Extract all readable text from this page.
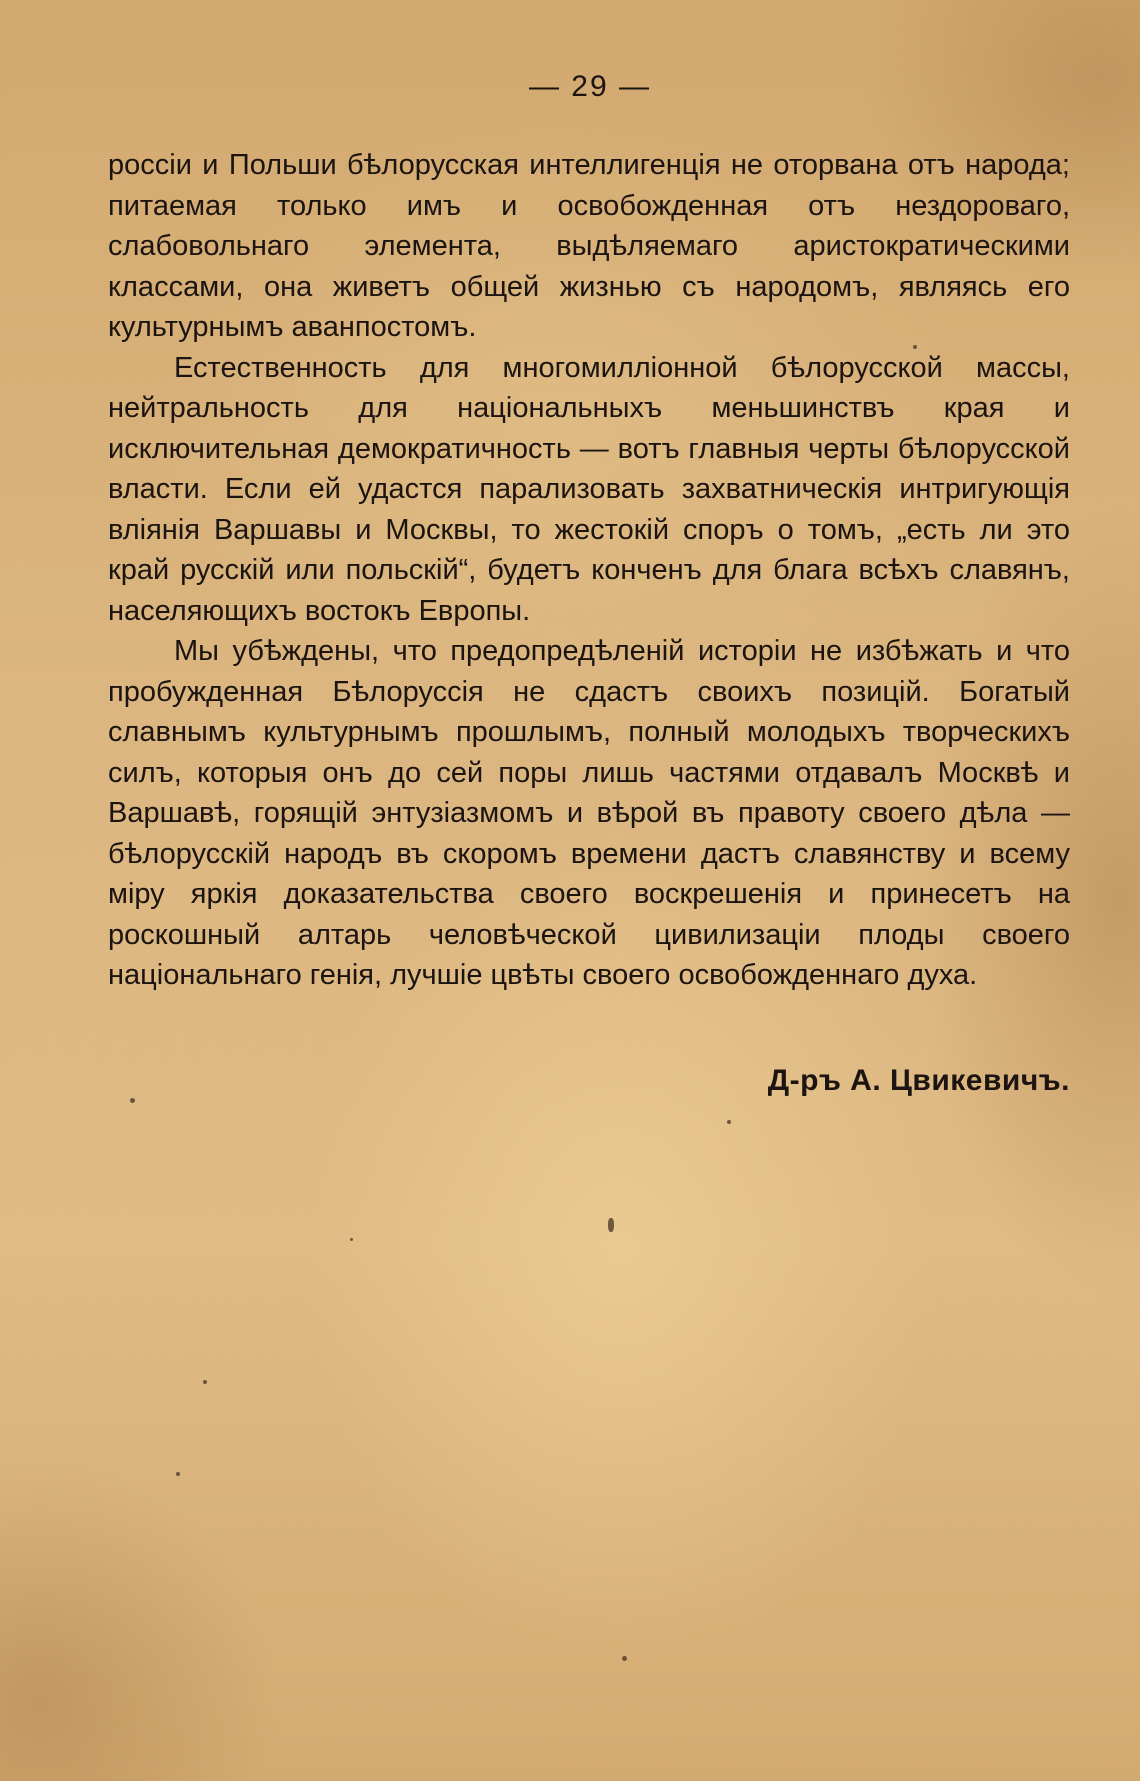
— 29 —

россіи и Польши бѣлорусская интеллигенція не оторвана отъ народа; питаемая только имъ и освобожденная отъ нездороваго, слабовольнаго элемента, выдѣляемаго аристократическими классами, она живетъ общей жизнью съ народомъ, являясь его культурнымъ аванпостомъ.

Естественность для многомилліонной бѣлорусской массы, нейтральность для національныхъ меньшинствъ края и исключительная демократичность — вотъ главныя черты бѣлорусской власти. Если ей удастся парализовать захватническія интригующія вліянія Варшавы и Москвы, то жестокій споръ о томъ, „есть ли это край русскій или польскій“, будетъ конченъ для блага всѣхъ славянъ, населяющихъ востокъ Европы.

Мы убѣждены, что предопредѣленій исторіи не избѣжать и что пробужденная Бѣлоруссія не сдастъ своихъ позицій. Богатый славнымъ культурнымъ прошлымъ, полный молодыхъ творческихъ силъ, которыя онъ до сей поры лишь частями отдавалъ Москвѣ и Варшавѣ, горящій энтузіазмомъ и вѣрой въ правоту своего дѣла — бѣлорусскій народъ въ скоромъ времени дастъ славянству и всему міру яркія доказательства своего воскрешенія и принесетъ на роскошный алтарь человѣческой цивилизаціи плоды своего національнаго генія, лучшіе цвѣты своего освобожденнаго духа.

Д-ръ А. Цвикевичъ.
